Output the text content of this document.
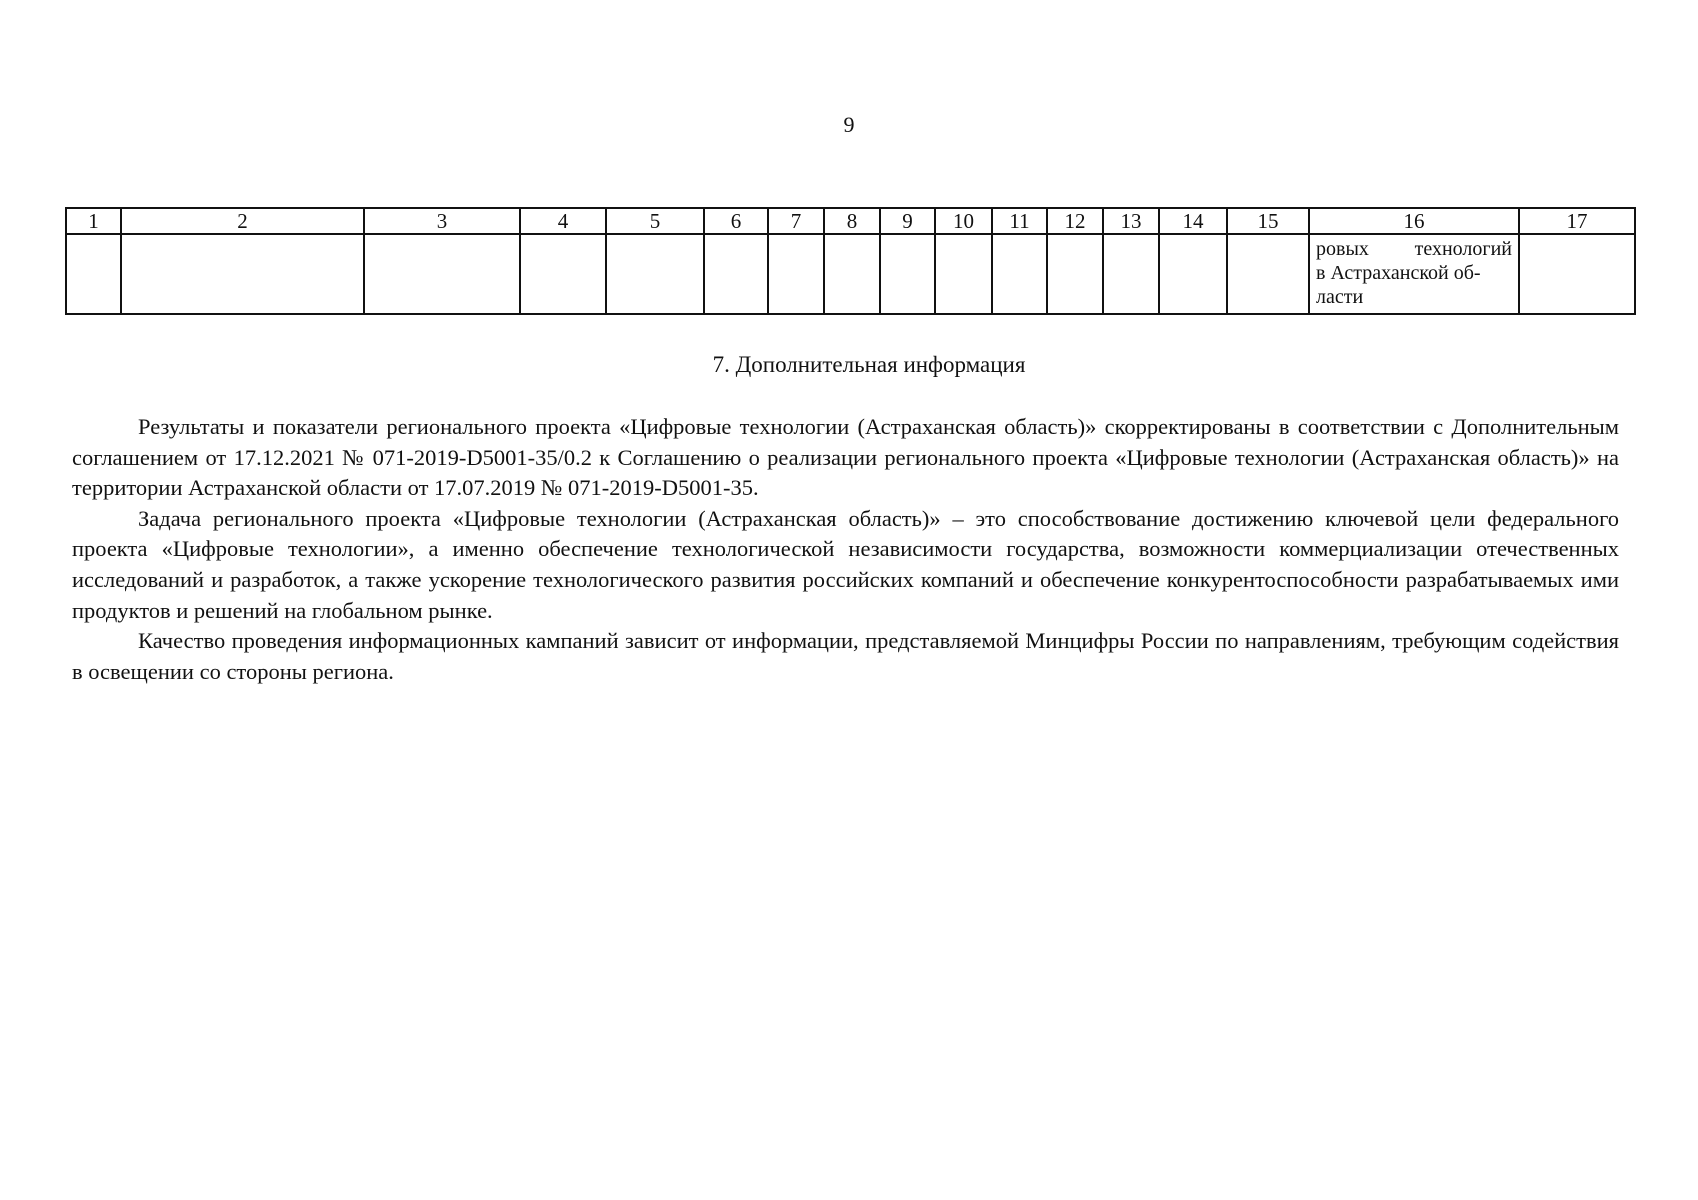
9
1	2	3	4	5	6	7	8	9	10	11	12	13	14	15	16	17

															ровых технологий
в Астраханской об-
ласти	

7. Дополнительная информация

Результаты и показатели регионального проекта «Цифровые технологии (Астраханская область)» скорректированы в соответствии с Дополнительным соглашением от 17.12.2021 № 071-2019-D5001-35/0.2 к Соглашению о реализации регионального проекта «Цифровые технологии (Астраханская область)» на территории Астраханской области от 17.07.2019 № 071-2019-D5001-35.

Задача регионального проекта «Цифровые технологии (Астраханская область)» – это способствование достижению ключевой цели федерального проекта «Цифровые технологии», а именно обеспечение технологической независимости государства, возможности коммерциализации отечественных исследований и разработок, а также ускорение технологического развития российских компаний и обеспечение конкурентоспособности разрабатываемых ими продуктов и решений на глобальном рынке.

Качество проведения информационных кампаний зависит от информации, представляемой Минцифры России по направлениям, требующим содействия в освещении со стороны региона.
